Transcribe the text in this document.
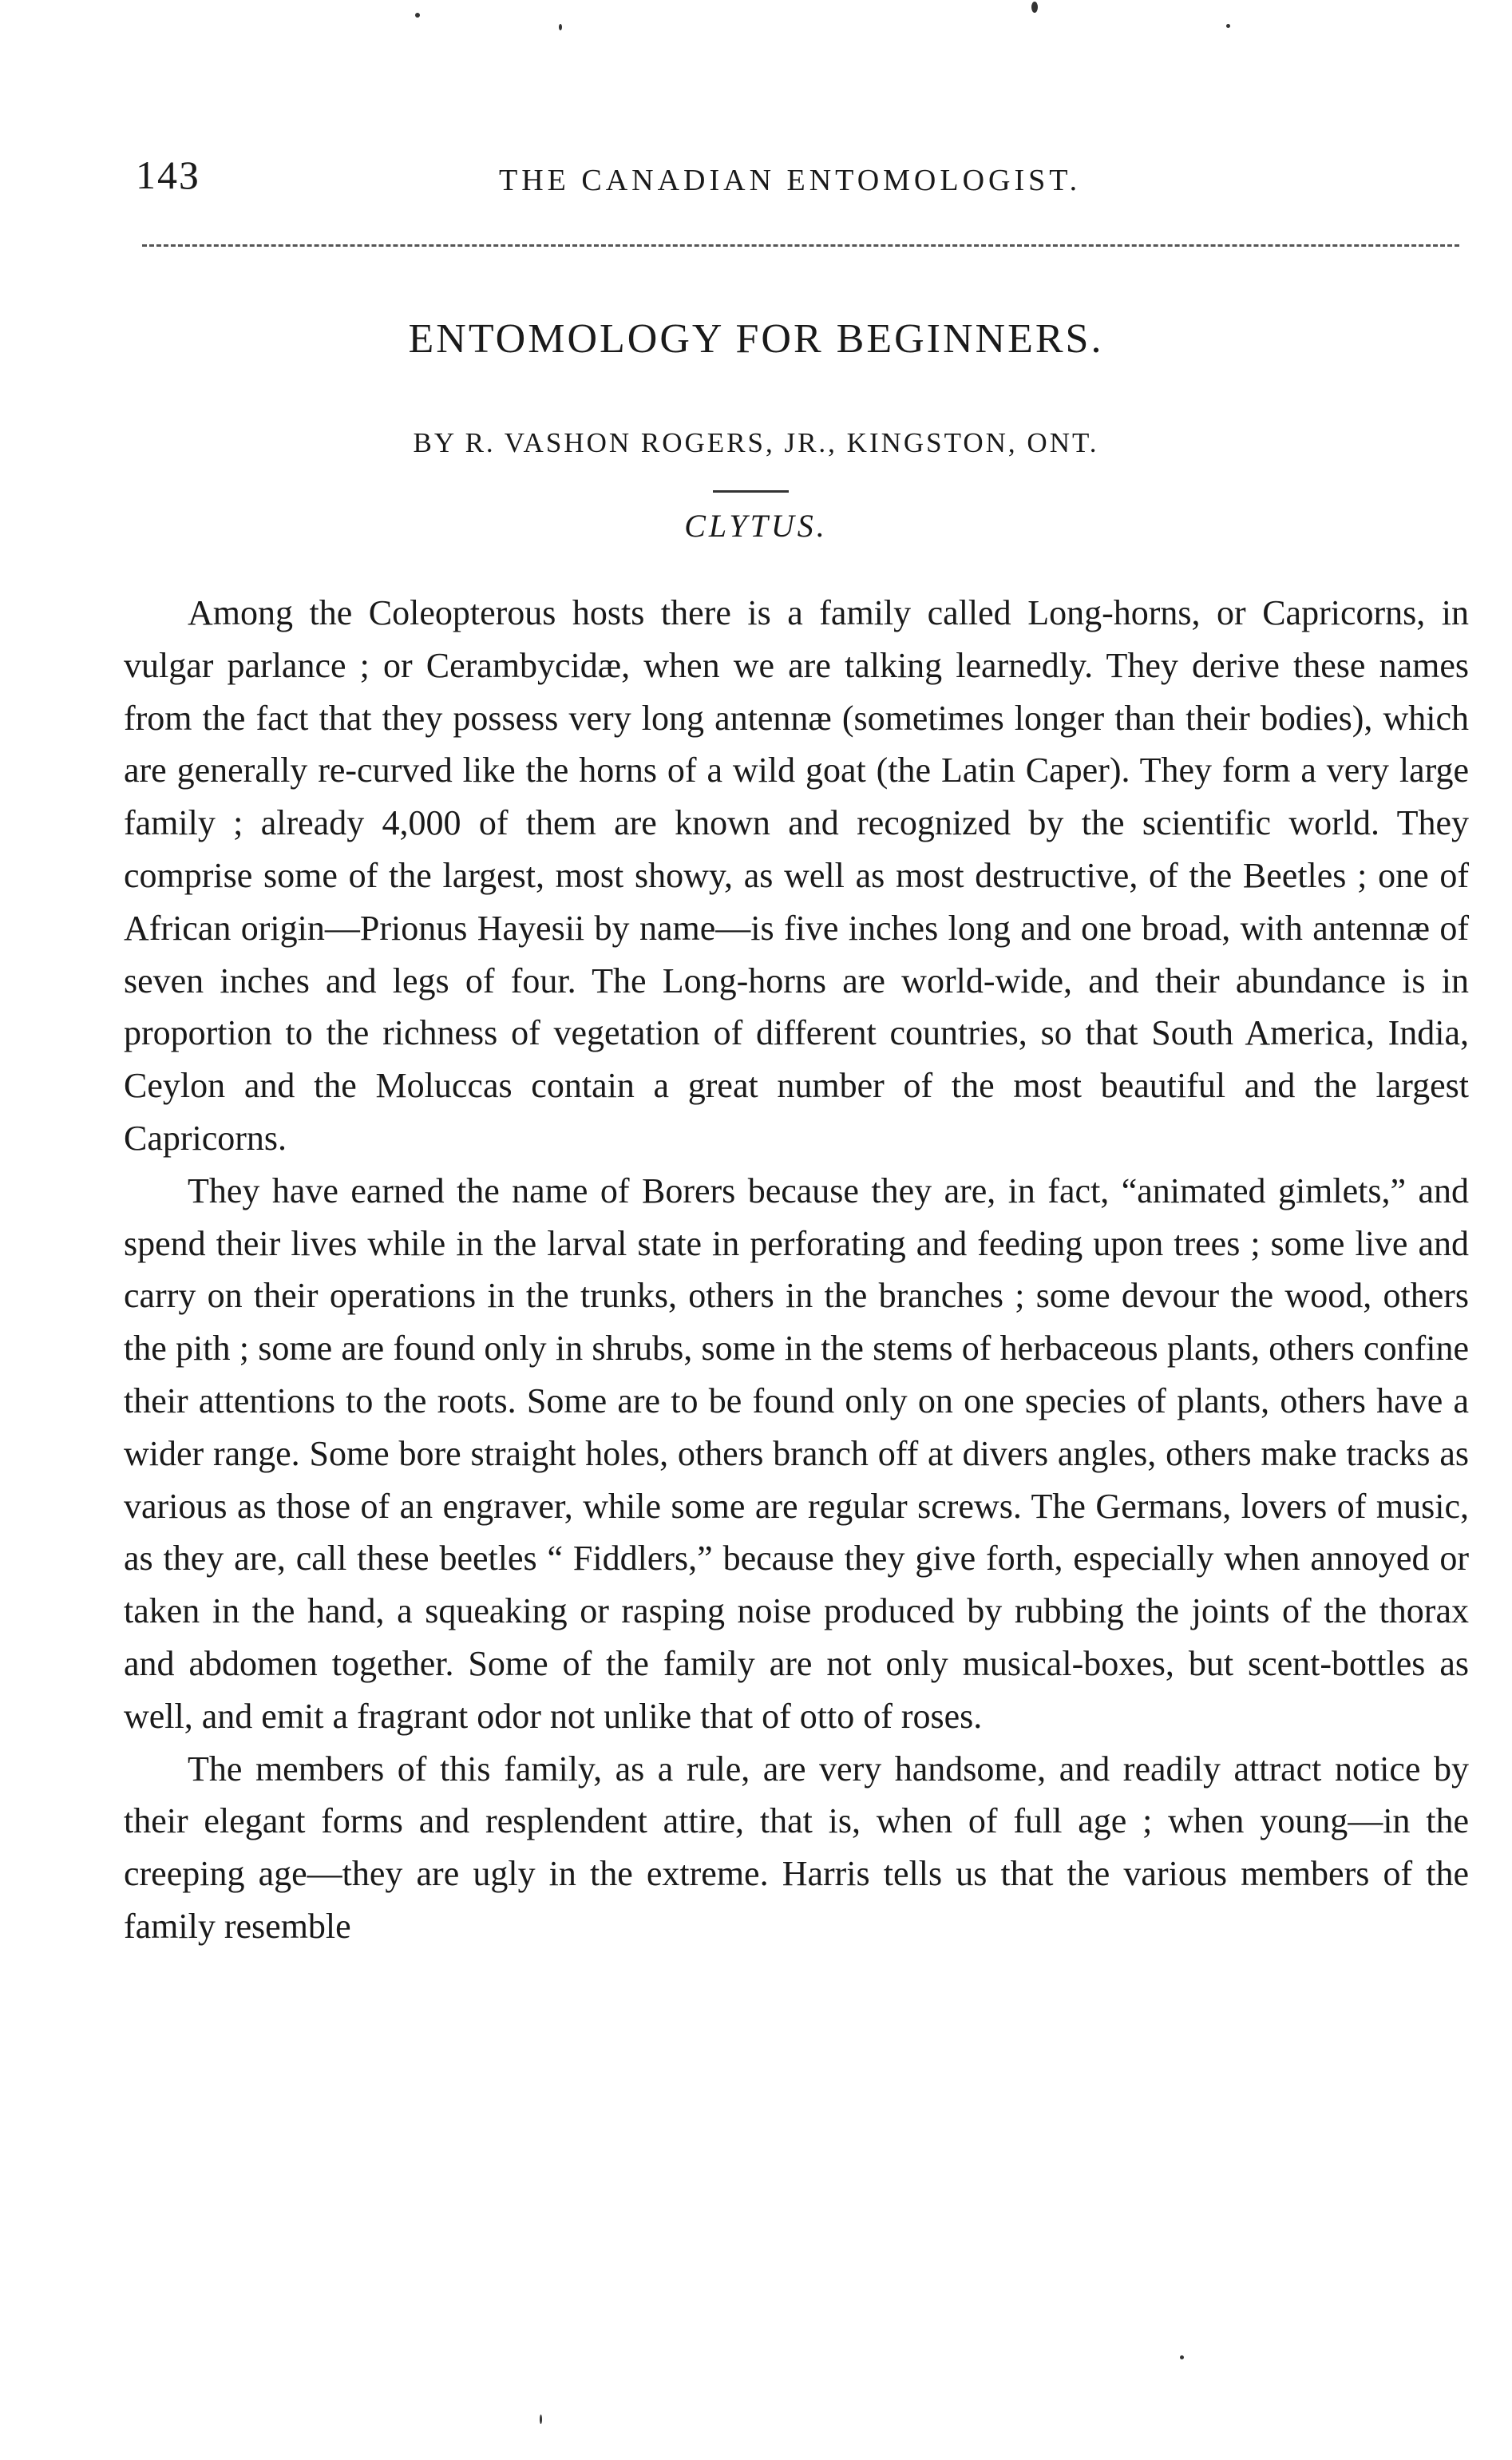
14З	THE CANADIAN ENTOMOLOGIST.
ENTOMOLOGY FOR BEGINNERS.
BY R. VASHON ROGERS, JR., KINGSTON, ONT.
CLYTUS.

Among the Coleopterous hosts there is a family called Long-horns, or Capricorns, in vulgar parlance ; or Cerambycidæ, when we are talking learnedly. They derive these names from the fact that they possess very long antennæ (sometimes longer than their bodies), which are generally re-curved like the horns of a wild goat (the Latin Caper). They form a very large family ; already 4,000 of them are known and recognized by the scientific world. They comprise some of the largest, most showy, as well as most destructive, of the Beetles ; one of African origin—Prionus Hayesii by name—is five inches long and one broad, with antennæ of seven inches and legs of four. The Long-horns are world-wide, and their abundance is in proportion to the richness of vegetation of different countries, so that South America, India, Ceylon and the Moluccas contain a great number of the most beautiful and the largest Capricorns.

They have earned the name of Borers because they are, in fact, “animated gimlets,” and spend their lives while in the larval state in perforating and feeding upon trees ; some live and carry on their operations in the trunks, others in the branches ; some devour the wood, others the pith ; some are found only in shrubs, some in the stems of herbaceous plants, others confine their attentions to the roots. Some are to be found only on one species of plants, others have a wider range. Some bore straight holes, others branch off at divers angles, others make tracks as various as those of an engraver, while some are regular screws. The Germans, lovers of music, as they are, call these beetles “ Fiddlers,” because they give forth, especially when annoyed or taken in the hand, a squeaking or rasping noise produced by rubbing the joints of the thorax and abdomen together. Some of the family are not only musical-boxes, but scent-bottles as well, and emit a fragrant odor not unlike that of otto of roses.

The members of this family, as a rule, are very handsome, and readily attract notice by their elegant forms and resplendent attire, that is, when of full age ; when young—in the creeping age—they are ugly in the extreme. Harris tells us that the various members of the family resemble
